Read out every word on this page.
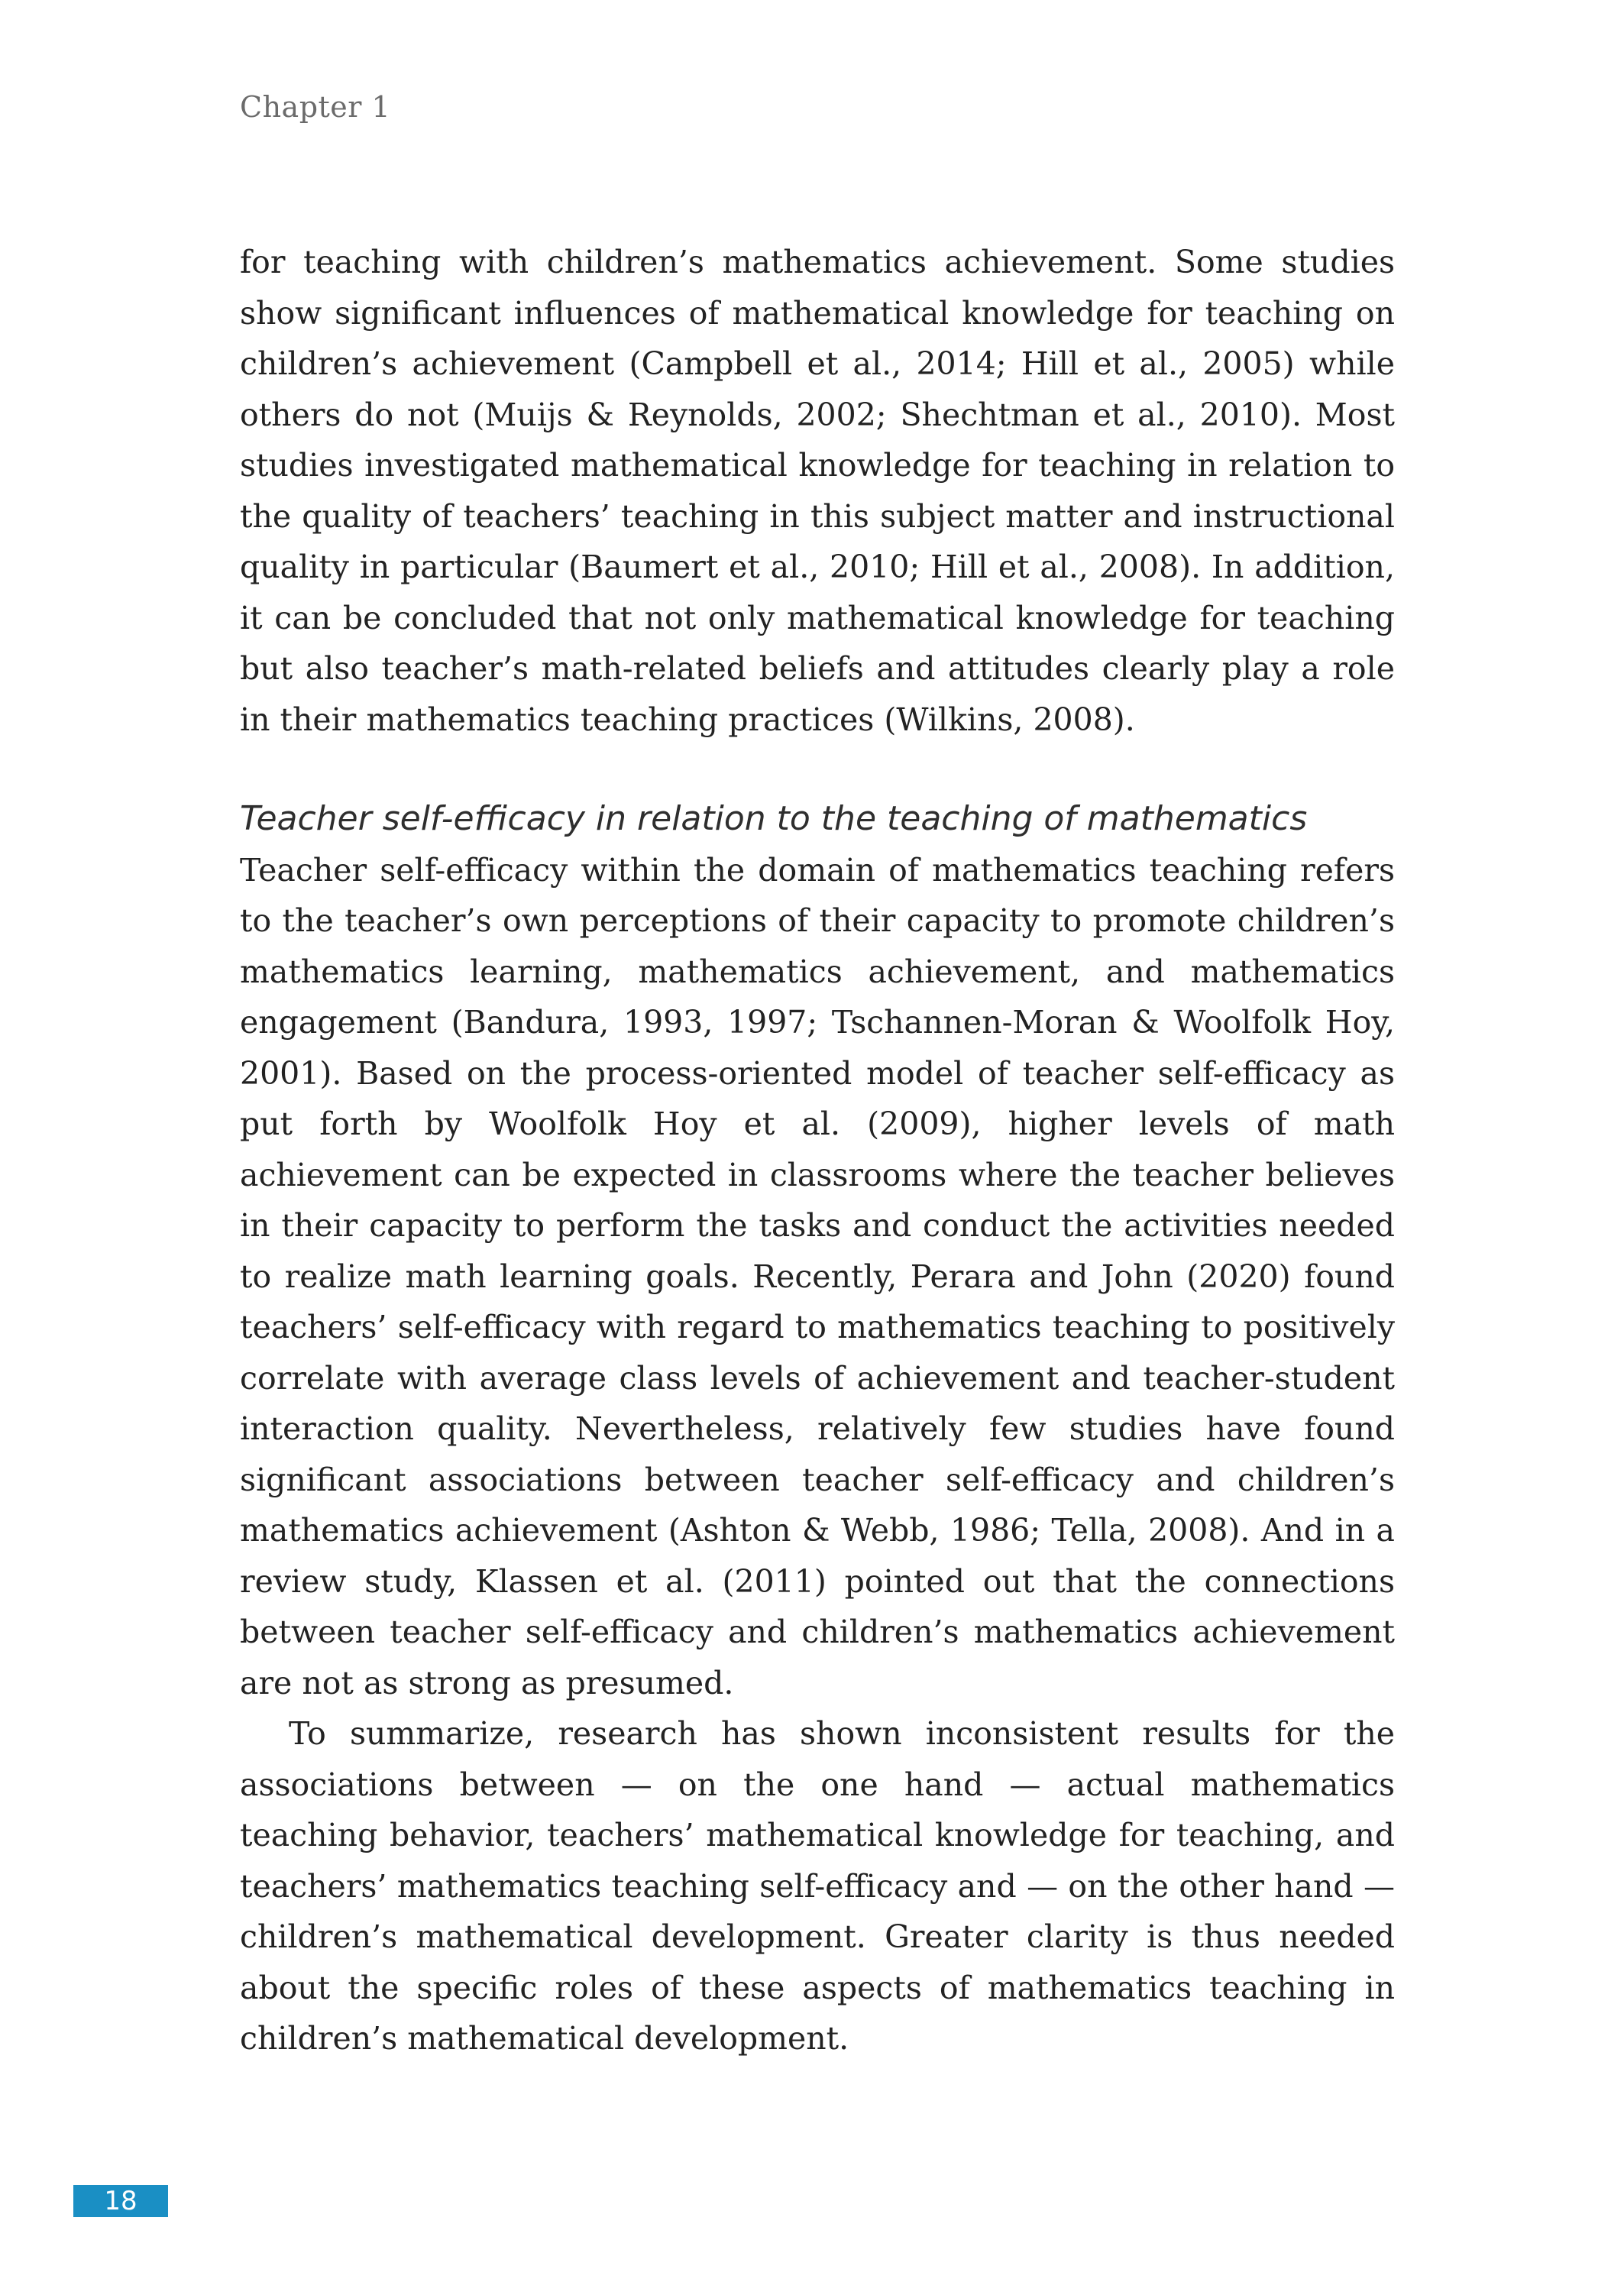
Chapter 1

for teaching with children’s mathematics achievement. Some studies show significant influences of mathematical knowledge for teaching on children’s achievement (Campbell et al., 2014; Hill et al., 2005) while others do not (Muijs & Reynolds, 2002; Shechtman et al., 2010). Most studies investigated mathematical knowledge for teaching in relation to the quality of teachers’ teaching in this subject matter and instructional quality in particular (Baumert et al., 2010; Hill et al., 2008). In addition, it can be concluded that not only mathematical knowledge for teaching but also teacher’s math-related beliefs and attitudes clearly play a role in their mathematics teaching practices (Wilkins, 2008).

Teacher self-efficacy in relation to the teaching of mathematics

Teacher self-efficacy within the domain of mathematics teaching refers to the teacher’s own perceptions of their capacity to promote children’s mathematics learning, mathematics achievement, and mathematics engagement (Bandura, 1993, 1997; Tschannen-Moran & Woolfolk Hoy, 2001). Based on the process-oriented model of teacher self-efficacy as put forth by Woolfolk Hoy et al. (2009), higher levels of math achievement can be expected in classrooms where the teacher believes in their capacity to perform the tasks and conduct the activities needed to realize math learning goals. Recently, Perara and John (2020) found teachers’ self-efficacy with regard to mathematics teaching to positively correlate with average class levels of achievement and teacher-student interaction quality. Nevertheless, relatively few studies have found significant associations between teacher self-efficacy and children’s mathematics achievement (Ashton & Webb, 1986; Tella, 2008). And in a review study, Klassen et al. (2011) pointed out that the connections between teacher self-efficacy and children’s mathematics achievement are not as strong as presumed.

To summarize, research has shown inconsistent results for the associations between — on the one hand — actual mathematics teaching behavior, teachers’ mathematical knowledge for teaching, and teachers’ mathematics teaching self-efficacy and — on the other hand — children’s mathematical development. Greater clarity is thus needed about the specific roles of these aspects of mathematics teaching in children’s mathematical development.

18
